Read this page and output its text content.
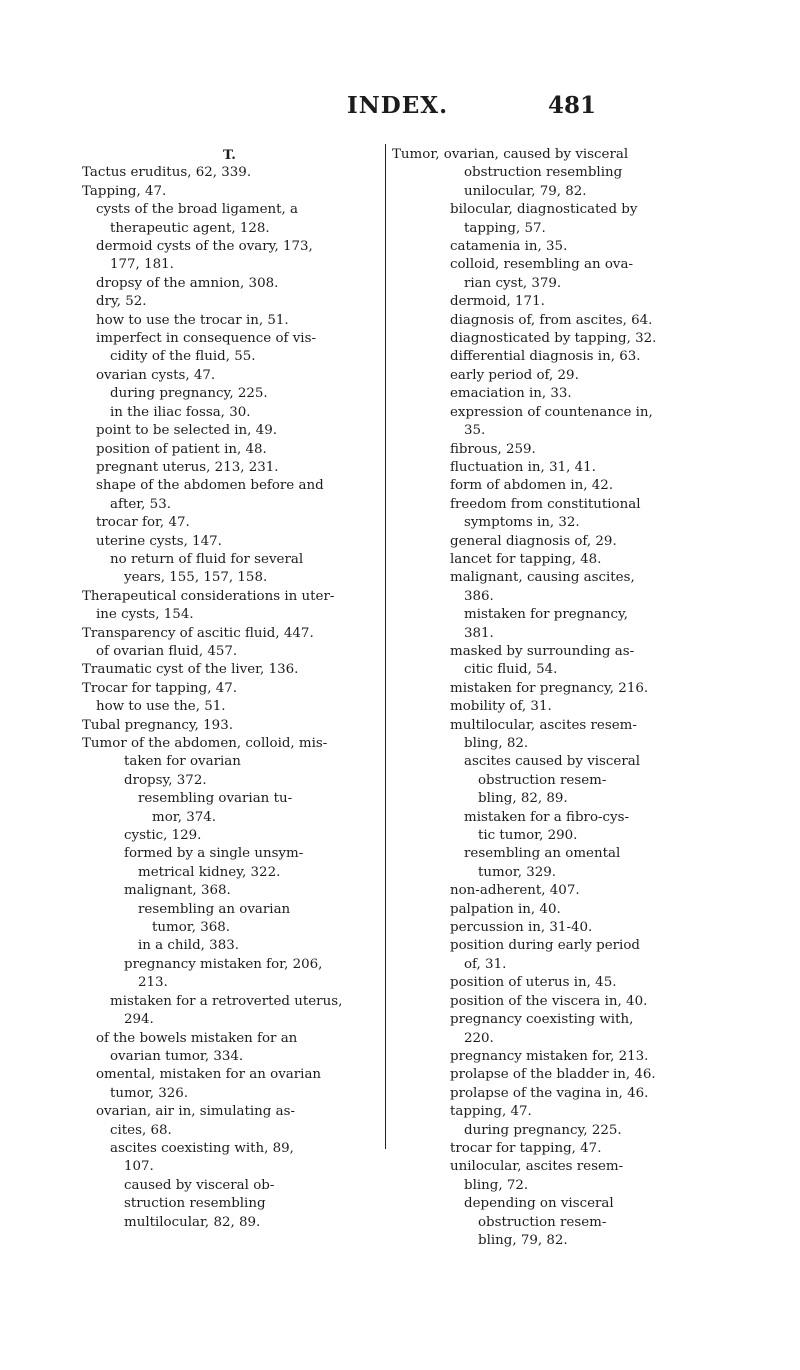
INDEX.	481
T.
Tactus eruditus, 62, 339.
Tapping, 47.
cysts of the broad ligament, a
therapeutic agent, 128.
dermoid cysts of the ovary, 173,
177, 181.
dropsy of the amnion, 308.
dry, 52.
how to use the trocar in, 51.
imperfect in consequence of vis-
cidity of the fluid, 55.
ovarian cysts, 47.
during pregnancy, 225.
in the iliac fossa, 30.
point to be selected in, 49.
position of patient in, 48.
pregnant uterus, 213, 231.
shape of the abdomen before and
after, 53.
trocar for, 47.
uterine cysts, 147.
no return of fluid for several
years, 155, 157, 158.
Therapeutical considerations in uter-
ine cysts, 154.
Transparency of ascitic fluid, 447.
of ovarian fluid, 457.
Traumatic cyst of the liver, 136.
Trocar for tapping, 47.
how to use the, 51.
Tubal pregnancy, 193.
Tumor of the abdomen, colloid, mis-
taken for ovarian
dropsy, 372.
resembling ovarian tu-
mor, 374.
cystic, 129.
formed by a single unsym-
metrical kidney, 322.
malignant, 368.
resembling an ovarian
tumor, 368.
in a child, 383.
pregnancy mistaken for, 206,
213.
mistaken for a retroverted uterus,
294.
of the bowels mistaken for an
ovarian tumor, 334.
omental, mistaken for an ovarian
tumor, 326.
ovarian, air in, simulating as-
cites, 68.
ascites coexisting with, 89,
107.
caused by visceral ob-
struction resembling
multilocular, 82, 89.
Tumor, ovarian, caused by visceral
obstruction resembling
unilocular, 79, 82.
bilocular, diagnosticated by
tapping, 57.
catamenia in, 35.
colloid, resembling an ova-
rian cyst, 379.
dermoid, 171.
diagnosis of, from ascites, 64.
diagnosticated by tapping, 32.
differential diagnosis in, 63.
early period of, 29.
emaciation in, 33.
expression of countenance in,
35.
fibrous, 259.
fluctuation in, 31, 41.
form of abdomen in, 42.
freedom from constitutional
symptoms in, 32.
general diagnosis of, 29.
lancet for tapping, 48.
malignant, causing ascites,
386.
mistaken for pregnancy,
381.
masked by surrounding as-
citic fluid, 54.
mistaken for pregnancy, 216.
mobility of, 31.
multilocular, ascites resem-
bling, 82.
ascites caused by visceral
obstruction resem-
bling, 82, 89.
mistaken for a fibro-cys-
tic tumor, 290.
resembling an omental
tumor, 329.
non-adherent, 407.
palpation in, 40.
percussion in, 31-40.
position during early period
of, 31.
position of uterus in, 45.
position of the viscera in, 40.
pregnancy coexisting with,
220.
pregnancy mistaken for, 213.
prolapse of the bladder in, 46.
prolapse of the vagina in, 46.
tapping, 47.
during pregnancy, 225.
trocar for tapping, 47.
unilocular, ascites resem-
bling, 72.
depending on visceral
obstruction resem-
bling, 79, 82.
